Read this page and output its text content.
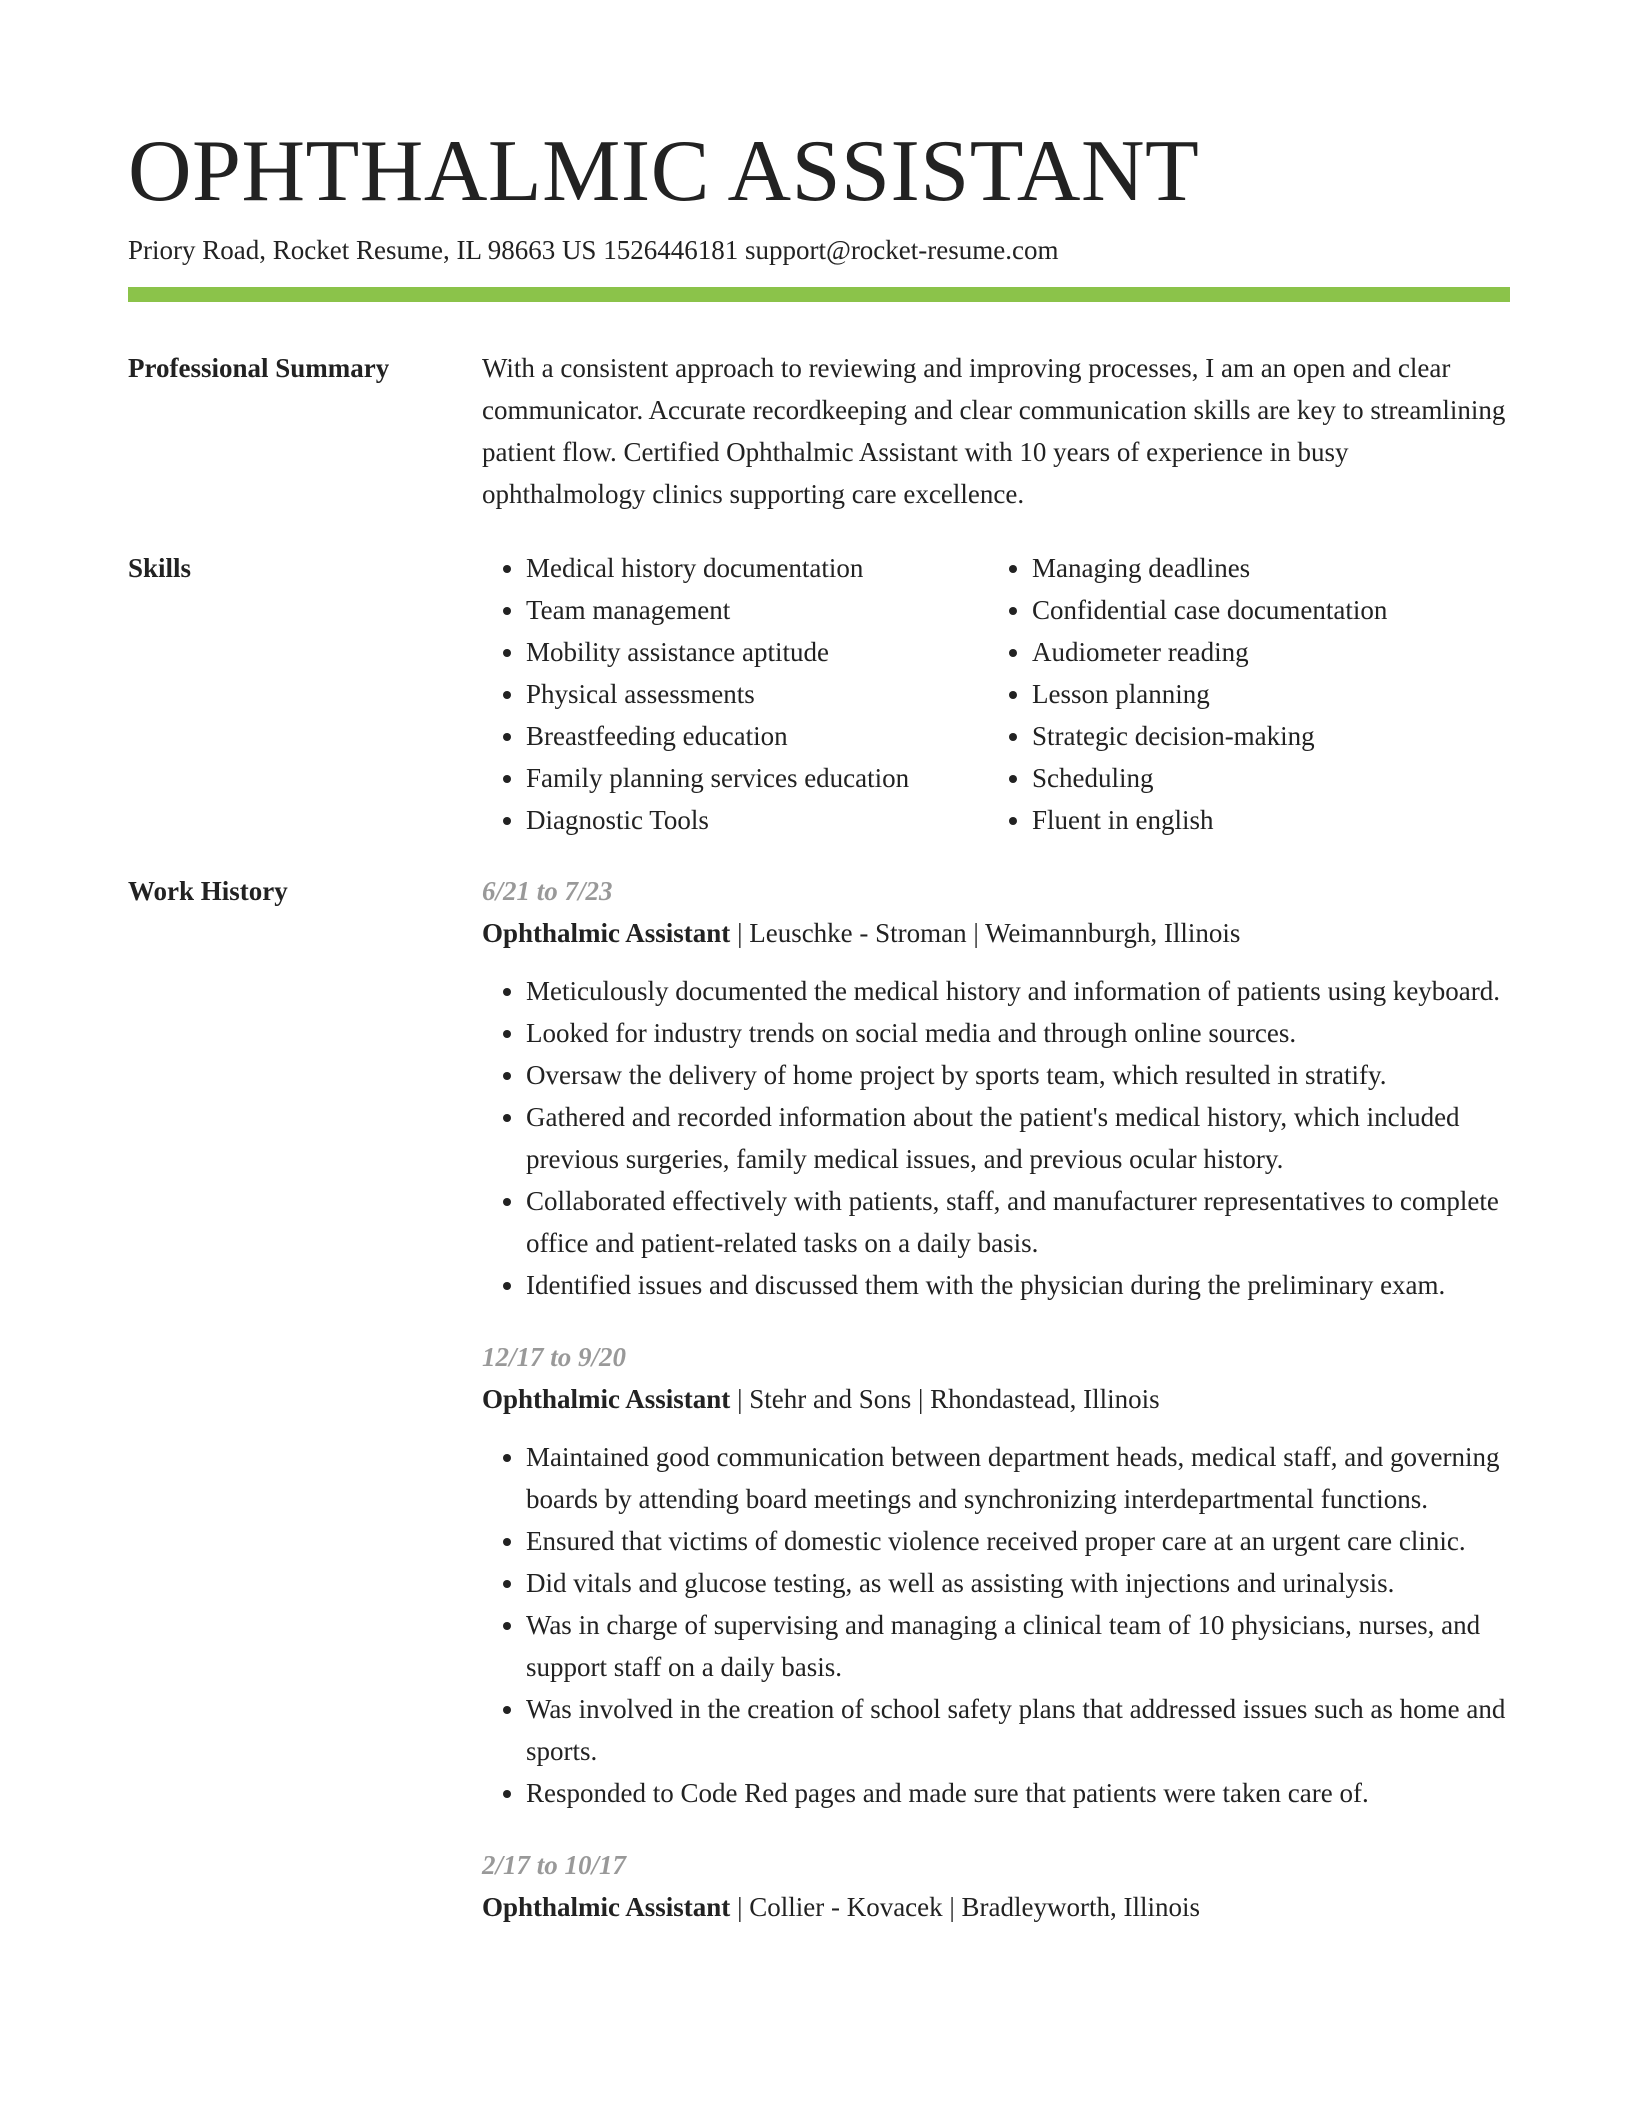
OPHTHALMIC ASSISTANT
Priory Road, Rocket Resume, IL 98663 US 1526446181 support@rocket-resume.com
Professional Summary	With a consistent approach to reviewing and improving processes, I am an open and clear communicator. Accurate recordkeeping and clear communication skills are key to streamlining patient flow. Certified Ophthalmic Assistant with 10 years of experience in busy ophthalmology clinics supporting care excellence.

Skills
•	Medical history documentation
• Team management
• Mobility assistance aptitude
• Physical assessments
• Breastfeeding education
• Family planning services education
• Diagnostic Tools
• Managing deadlines
• Confidential case documentation
• Audiometer reading
• Lesson planning
• Strategic decision-making
• Scheduling
• Fluent in english
Work History	6/21 to 7/23
Ophthalmic Assistant | Leuschke - Stroman | Weimannburgh, Illinois
• Meticulously documented the medical history and information of patients using keyboard.
• Looked for industry trends on social media and through online sources.
• Oversaw the delivery of home project by sports team, which resulted in stratify.
• Gathered and recorded information about the patient's medical history, which included previous surgeries, family medical issues, and previous ocular history.
• Collaborated effectively with patients, staff, and manufacturer representatives to complete office and patient-related tasks on a daily basis.
• Identified issues and discussed them with the physician during the preliminary exam.
12/17 to 9/20
Ophthalmic Assistant | Stehr and Sons | Rhondastead, Illinois
• Maintained good communication between department heads, medical staff, and governing boards by attending board meetings and synchronizing interdepartmental functions.
• Ensured that victims of domestic violence received proper care at an urgent care clinic.
• Did vitals and glucose testing, as well as assisting with injections and urinalysis.
• Was in charge of supervising and managing a clinical team of 10 physicians, nurses, and support staff on a daily basis.
• Was involved in the creation of school safety plans that addressed issues such as home and sports.
• Responded to Code Red pages and made sure that patients were taken care of.
2/17 to 10/17
Ophthalmic Assistant | Collier - Kovacek | Bradleyworth, Illinois
